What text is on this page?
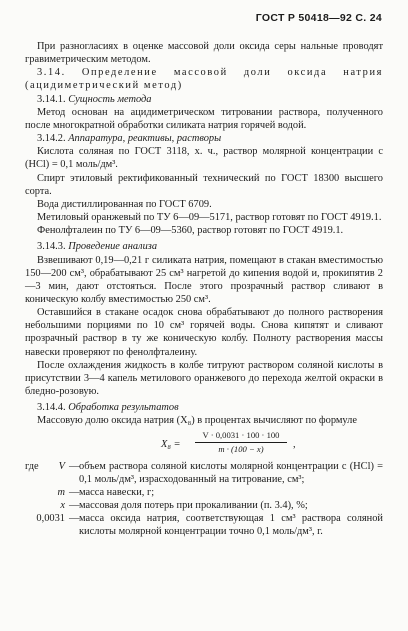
ГОСТ Р 50418—92 С. 24

При разногласиях в оценке массовой доли оксида серы нальные проводят гравиметрическим методом.

3.14. Определение массовой доли оксида натрия (ацидиметрический метод)

3.14.1. Сущность метода

Метод основан на ацидиметрическом титровании раствора, полученного после многократной обработки силиката натрия горячей водой.

3.14.2. Аппаратура, реактивы, растворы

Кислота соляная по ГОСТ 3118, х. ч., раствор молярной концентрации c (HCl) = 0,1 моль/дм³.

Спирт этиловый ректификованный технический по ГОСТ 18300 высшего сорта.

Вода дистиллированная по ГОСТ 6709.

Метиловый оранжевый по ТУ 6—09—5171, раствор готовят по ГОСТ 4919.1.

Фенолфталеин по ТУ 6—09—5360, раствор готовят по ГОСТ 4919.1.

3.14.3. Проведение анализа

Взвешивают 0,19—0,21 г силиката натрия, помещают в стакан вместимостью 150—200 см³, обрабатывают 25 см³ нагретой до кипения водой и, прокипятив 2—3 мин, дают отстояться. После этого прозрачный раствор сливают в коническую колбу вместимостью 250 см³.

Оставшийся в стакане осадок снова обрабатывают до полного растворения небольшими порциями по 10 см³ горячей воды. Снова кипятят и сливают прозрачный раствор в ту же коническую колбу. Полноту растворения массы навески проверяют по фенолфталеину.

После охлаждения жидкость в колбе титруют раствором соляной кислоты в присутствии 3—4 капель метилового оранжевого до перехода желтой окраски в бледно-розовую.

3.14.4. Обработка результатов

Массовую долю оксида натрия (X₈) в процентах вычисляют по формуле

$X_8 = \frac{V \cdot 0,0031 \cdot 100 \cdot 100}{m \cdot (100 - x)}$ ,
где	V — объем раствора соляной кислоты молярной концентрации c (HCl) = 0,1 моль/дм³, израсходованный на титрование, см³;
m — масса навески, г;
x — массовая доля потерь при прокаливании (п. 3.4), %;
0,0031 — масса оксида натрия, соответствующая 1 см³ раствора соляной кислоты молярной концентрации точно 0,1 моль/дм³, г.
